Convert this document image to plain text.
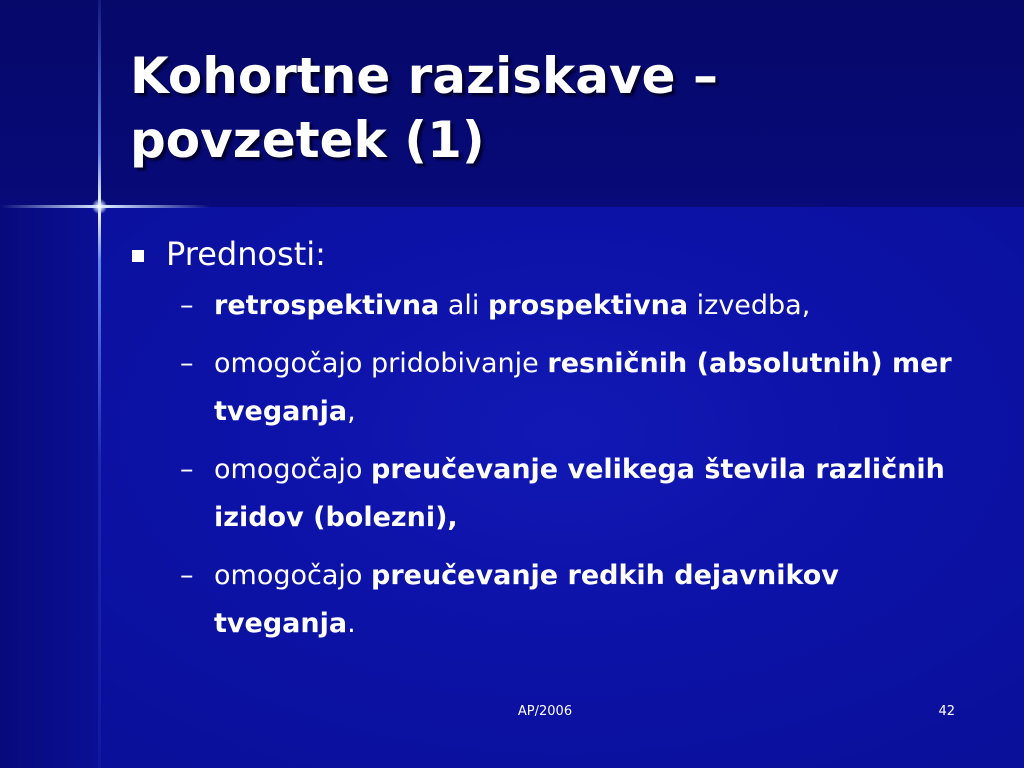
Kohortne raziskave –
povzetek (1)
Prednosti:
– retrospektivna ali prospektivna izvedba,
– omogočajo pridobivanje resničnih (absolutnih) mer tveganja,
– omogočajo preučevanje velikega števila različnih izidov (bolezni),
– omogočajo preučevanje redkih dejavnikov tveganja.
AP/2006	42
